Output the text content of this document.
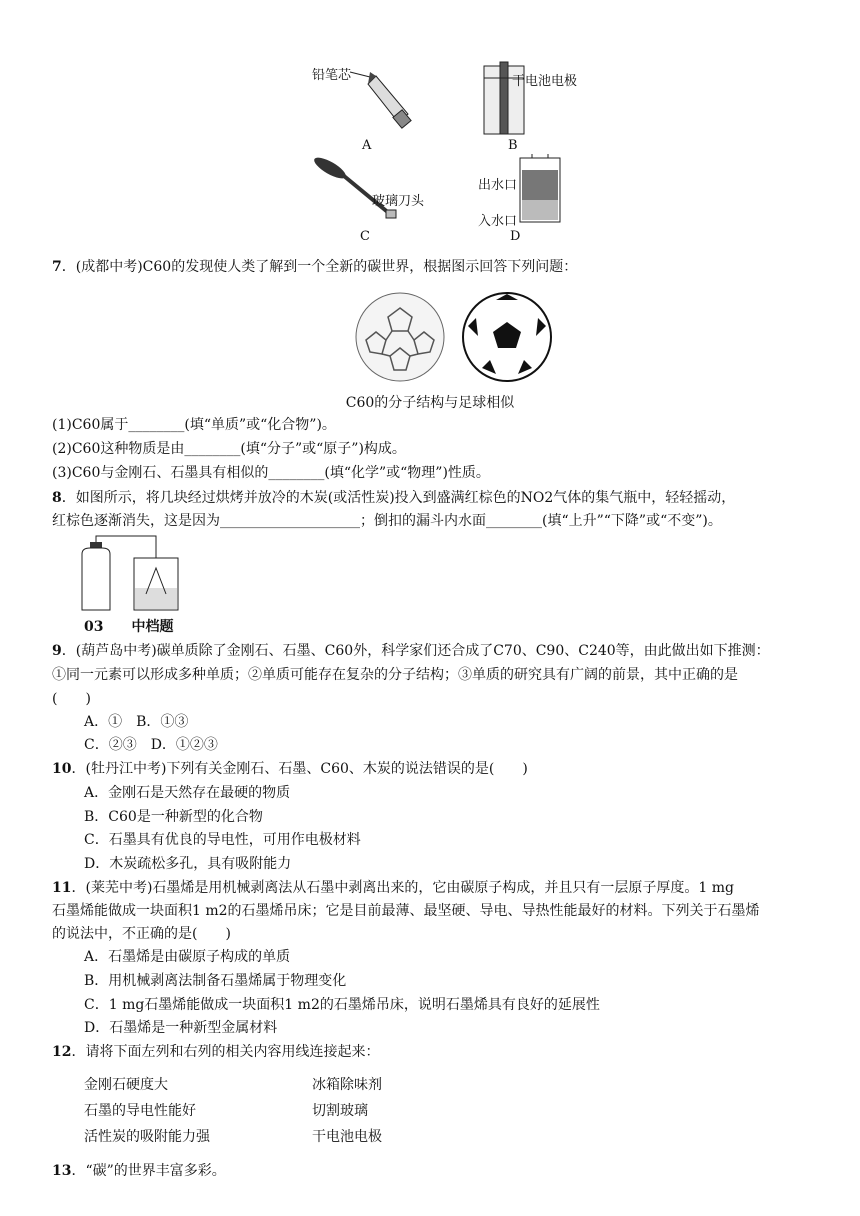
铅笔芯
A
干电池电极
B
玻璃刀头
C
出水口
入水口
D
7．(成都中考)C60的发现使人类了解到一个全新的碳世界，根据图示回答下列问题：
C60的分子结构与足球相似
(1)C60属于________(填“单质”或“化合物”)。
(2)C60这种物质是由________(填“分子”或“原子”)构成。
(3)C60与金刚石、石墨具有相似的________(填“化学”或“物理”)性质。
8．如图所示，将几块经过烘烤并放冷的木炭(或活性炭)投入到盛满红棕色的NO2气体的集气瓶中，轻轻摇动，
红棕色逐渐消失，这是因为____________________；倒扣的漏斗内水面________(填“上升”“下降”或“不变”)。
03　　 中档题
9．(葫芦岛中考)碳单质除了金刚石、石墨、C60外，科学家们还合成了C70、C90、C240等，由此做出如下推测：
①同一元素可以形成多种单质；②单质可能存在复杂的分子结构；③单质的研究具有广阔的前景，其中正确的是
(　　)
A．①　B．①③
C．②③　D．①②③
10．(牡丹江中考)下列有关金刚石、石墨、C60、木炭的说法错误的是(　　)
A．金刚石是天然存在最硬的物质
B．C60是一种新型的化合物
C．石墨具有优良的导电性，可用作电极材料
D．木炭疏松多孔，具有吸附能力
11．(莱芜中考)石墨烯是用机械剥离法从石墨中剥离出来的，它由碳原子构成，并且只有一层原子厚度。1 mg
石墨烯能做成一块面积1 m2的石墨烯吊床；它是目前最薄、最坚硬、导电、导热性能最好的材料。下列关于石墨烯
的说法中，不正确的是(　　)
A．石墨烯是由碳原子构成的单质
B．用机械剥离法制备石墨烯属于物理变化
C．1 mg石墨烯能做成一块面积1 m2的石墨烯吊床，说明石墨烯具有良好的延展性
D．石墨烯是一种新型金属材料
12．请将下面左列和右列的相关内容用线连接起来：
金刚石硬度大
石墨的导电性能好
活性炭的吸附能力强
冰箱除味剂
切割玻璃
干电池电极
13．“碳”的世界丰富多彩。
